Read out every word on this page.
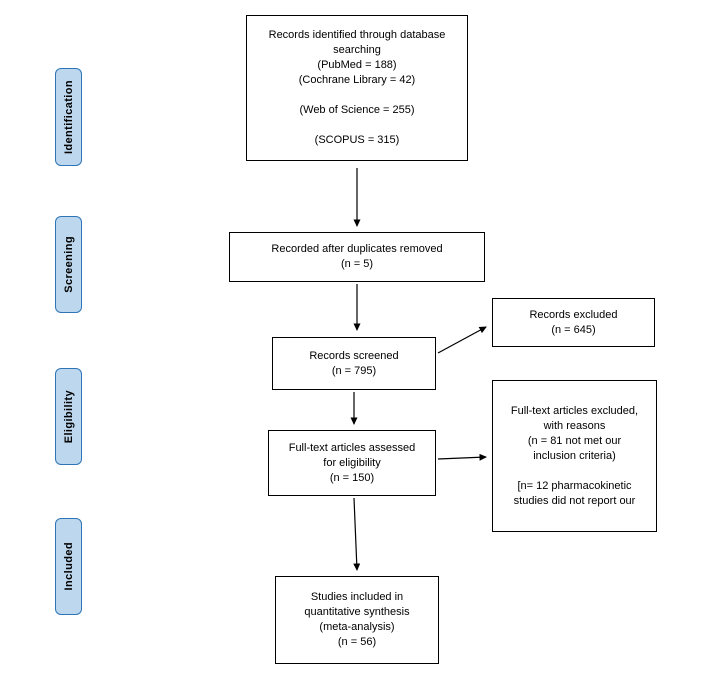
Identification
Screening
Eligibility
Included
Records identified through database
searching
(PubMed = 188)
(Cochrane Library = 42)
(Web of Science = 255)
(SCOPUS = 315)
Recorded after duplicates removed
(n = 5)
Records screened
(n = 795)
Records excluded
(n = 645)
Full-text articles assessed
for eligibility
(n = 150)
Full-text articles excluded,
with reasons
(n = 81 not met our
inclusion criteria)
[n= 12 pharmacokinetic
studies did not report our
Studies included in
quantitative synthesis
(meta-analysis)
(n = 56)
